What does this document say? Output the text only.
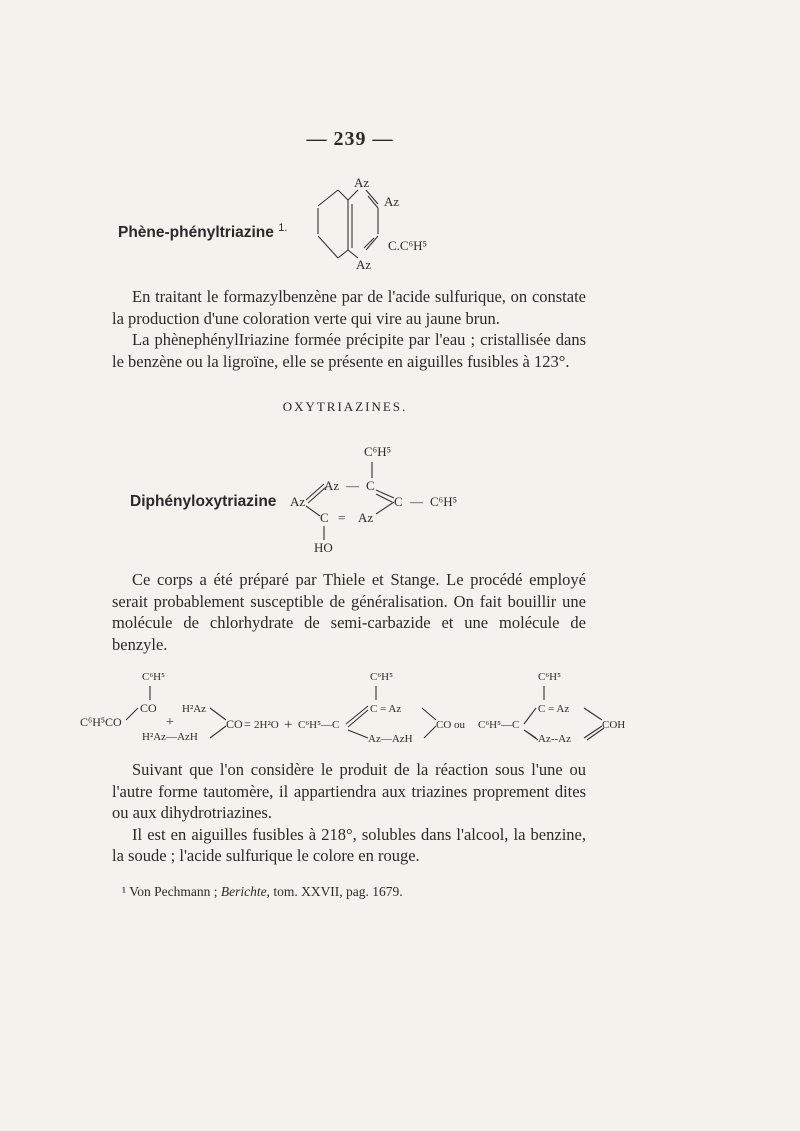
— 239 —
Phène-phényltriazine $^{1.}$
Az
Az
C.C⁶H⁵
Az

En traitant le formazylbenzène par de l'acide sulfurique, on constate la production d'une coloration verte qui vire au jaune brun.

La phènephénylIriazine formée précipite par l'eau ; cristallisée dans le benzène ou la ligroïne, elle se présente en aiguilles fusibles à 123°.

OXYTRIAZINES.
Diphényloxytriazine
C⁶H⁵
Az — C
Az	C — C⁶H⁵
C = Az
HO

Ce corps a été préparé par Thiele et Stange. Le procédé employé serait probablement susceptible de généralisation. On fait bouillir une molécule de chlorhydrate de semi-carbazide et une molécule de benzyle.

C⁶H⁵
CO
C⁶H⁵CO
H²Az
+
H²Az—AzH
CO = 2H²O +
C⁶H⁵
C⁶H⁵—C
C = Az
Az—AzH
CO ou
C⁶H⁵
C⁶H⁵—C
C = Az
Az--Az
COH

Suivant que l'on considère le produit de la réaction sous l'une ou l'autre forme tautomère, il appartiendra aux triazines proprement dites ou aux dihydrotriazines.

Il est en aiguilles fusibles à 218°, solubles dans l'alcool, la benzine, la soude ; l'acide sulfurique le colore en rouge.

¹ Von Pechmann ; Berichte, tom. XXVII, pag. 1679.
